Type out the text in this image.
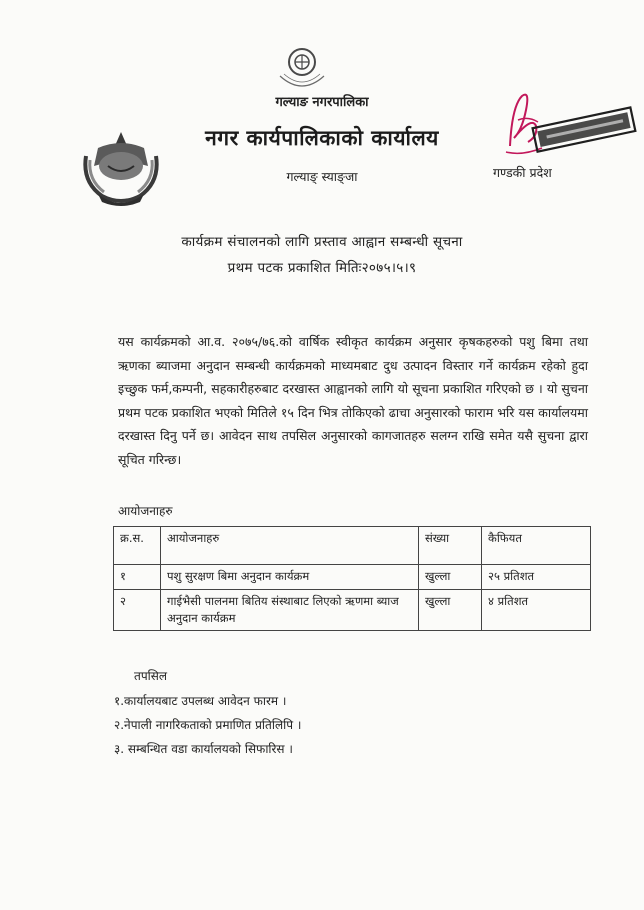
गल्याङ नगरपालिका
नगर कार्यपालिकाको कार्यालय
गल्याङ् स्याङ्जा	गण्डकी प्रदेश
कार्यक्रम संचालनको लागि प्रस्ताव आह्वान सम्बन्धी सूचना
प्रथम पटक प्रकाशित मितिः२०७५।५।९
यस कार्यक्रमको आ.व. २०७५/७६.को वार्षिक स्वीकृत कार्यक्रम अनुसार कृषकहरुको पशु बिमा तथा ऋणका ब्याजमा अनुदान सम्बन्धी कार्यक्रमको माध्यमबाट दुध उत्पादन विस्तार गर्ने कार्यक्रम रहेको हुदा इच्छुक फर्म,कम्पनी, सहकारीहरुबाट दरखास्त आह्वानको लागि यो सूचना प्रकाशित गरिएको छ । यो सुचना प्रथम पटक प्रकाशित भएको मितिले १५ दिन भित्र तोकिएको ढाचा अनुसारको फाराम भरि यस कार्यालयमा दरखास्त दिनु पर्ने छ। आवेदन साथ तपसिल अनुसारको कागजातहरु सलग्न राखि समेत यसै सुचना द्वारा सूचित गरिन्छ।
आयोजनाहरु
क्र.स.	आयोजनाहरु	संख्या	कैफियत
१	पशु सुरक्षण बिमा अनुदान कार्यक्रम	खुल्ला	२५ प्रतिशत
२	गाईभैसी पालनमा बितिय संस्थाबाट लिएको ऋणमा ब्याज अनुदान कार्यक्रम	खुल्ला	४ प्रतिशत
तपसिल
१.कार्यालयबाट उपलब्ध आवेदन फारम ।
२.नेपाली नागरिकताको प्रमाणित प्रतिलिपि ।
३. सम्बन्धित वडा कार्यालयको सिफारिस ।
